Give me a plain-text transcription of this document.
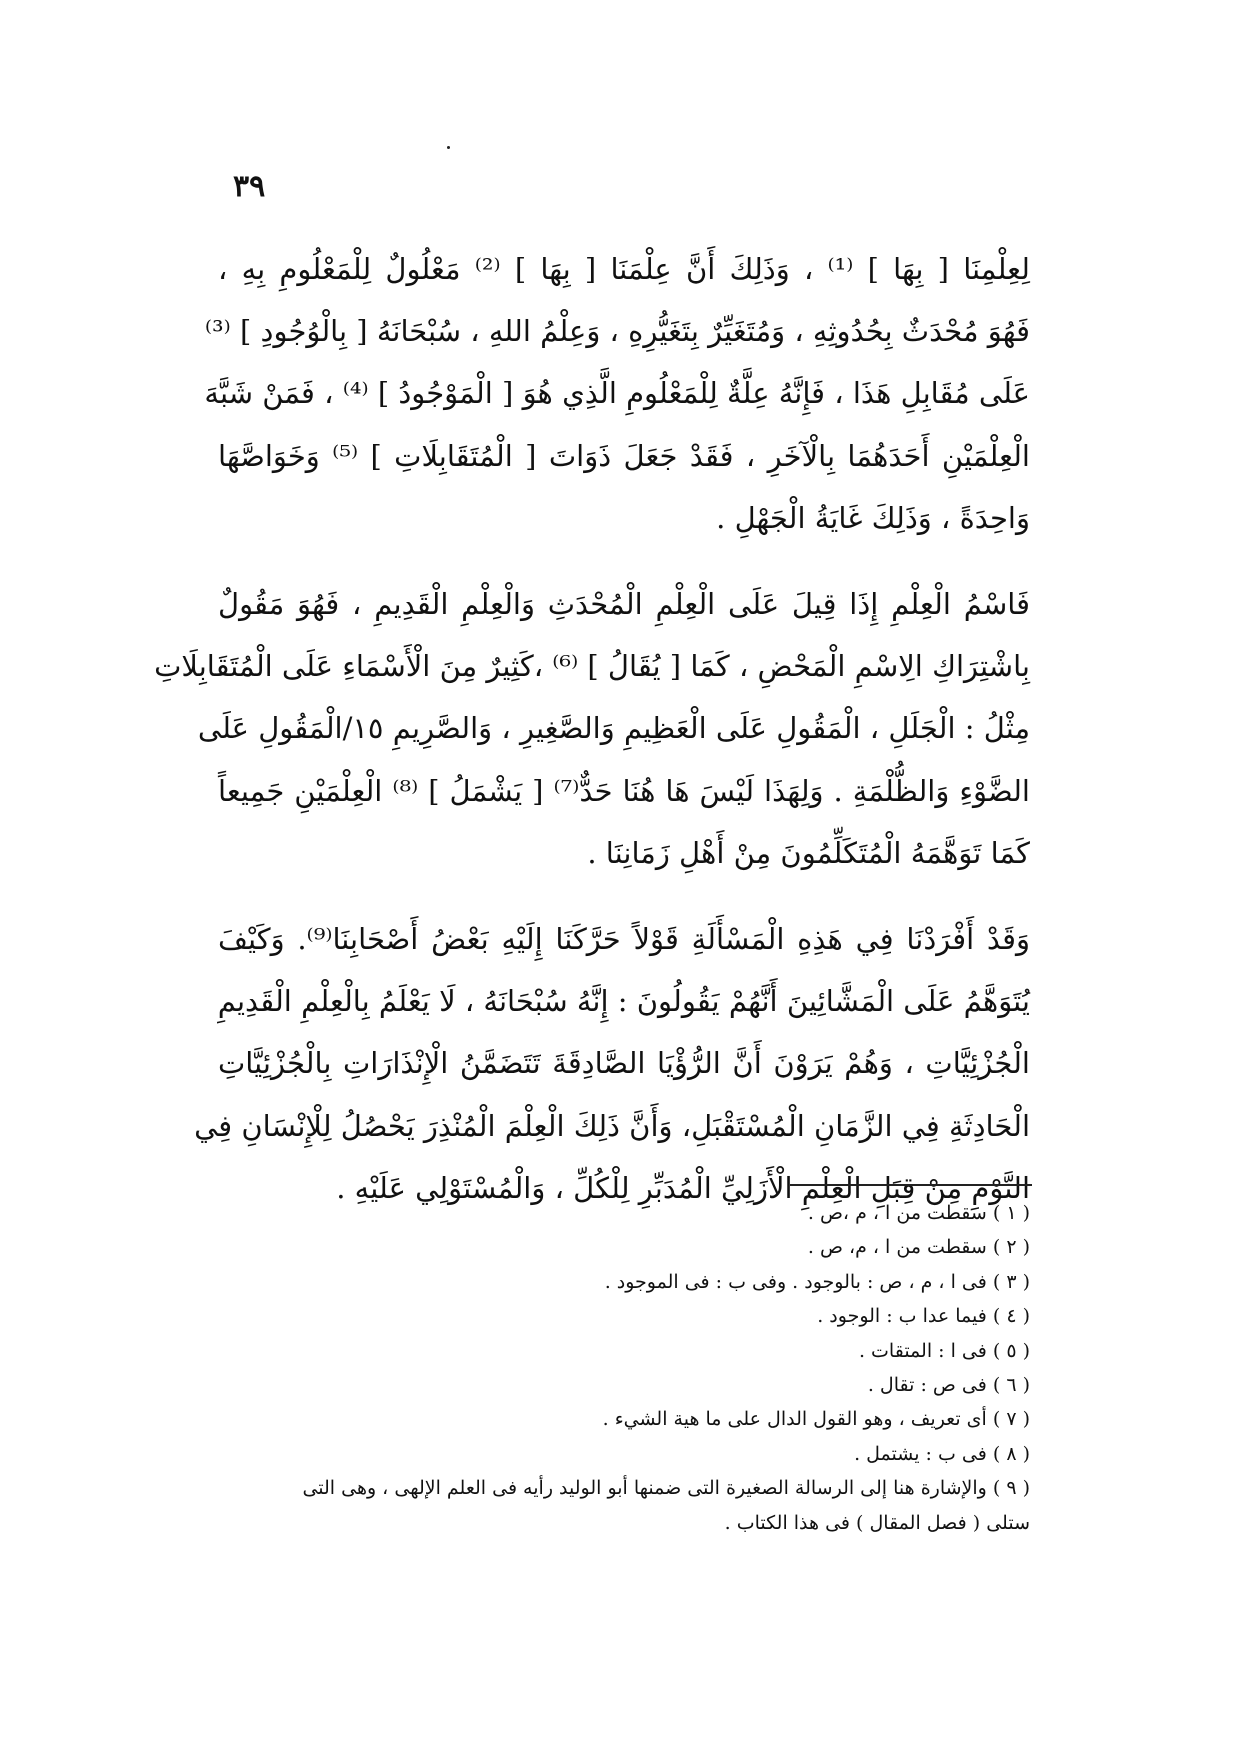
٣٩
لِعِلْمِنَا [ بِهَا ] ⁽¹⁾ ، وَذَلِكَ أَنَّ عِلْمَنَا [ بِهَا ] ⁽²⁾ مَعْلُولٌ لِلْمَعْلُومِ بِهِ ،
فَهُوَ مُحْدَثٌ بِحُدُوثِهِ ، وَمُتَغَيِّرٌ بِتَغَيُّرِهِ ، وَعِلْمُ اللهِ ، سُبْحَانَهُ [ بِالْوُجُودِ ] ⁽³⁾
عَلَى مُقَابِلِ هَذَا ، فَإِنَّهُ عِلَّةٌ لِلْمَعْلُومِ الَّذِي هُوَ [ الْمَوْجُودُ ] ⁽⁴⁾ ، فَمَنْ شَبَّهَ
الْعِلْمَيْنِ أَحَدَهُمَا بِالْآخَرِ ، فَقَدْ جَعَلَ ذَوَاتَ [ الْمُتَقَابِلَاتِ ] ⁽⁵⁾ وَخَوَاصَّهَا
وَاحِدَةً ، وَذَلِكَ غَايَةُ الْجَهْلِ .
فَاسْمُ الْعِلْمِ إِذَا قِيلَ عَلَى الْعِلْمِ الْمُحْدَثِ وَالْعِلْمِ الْقَدِيمِ ، فَهُوَ مَقُولٌ
بِاشْتِرَاكِ الِاسْمِ الْمَحْضِ ، كَمَا [ يُقَالُ ] ⁽⁶⁾ ،كَثِيرٌ مِنَ الْأَسْمَاءِ عَلَى الْمُتَقَابِلَاتِ
مِثْلُ : الْجَلَلِ ، الْمَقُولِ عَلَى الْعَظِيمِ وَالصَّغِيرِ ، وَالصَّرِيمِ ١٥/الْمَقُولِ عَلَى
الضَّوْءِ وَالظُّلْمَةِ . وَلِهَذَا لَيْسَ هَا هُنَا حَدٌّ⁽⁷⁾ [ يَشْمَلُ ] ⁽⁸⁾ الْعِلْمَيْنِ جَمِيعاً
كَمَا تَوَهَّمَهُ الْمُتَكَلِّمُونَ مِنْ أَهْلِ زَمَانِنَا .
وَقَدْ أَفْرَدْنَا فِي هَذِهِ الْمَسْأَلَةِ قَوْلاً حَرَّكَنَا إِلَيْهِ بَعْضُ أَصْحَابِنَا⁽⁹⁾. وَكَيْفَ
يُتَوَهَّمُ عَلَى الْمَشَّائِينَ أَنَّهُمْ يَقُولُونَ : إِنَّهُ سُبْحَانَهُ ، لَا يَعْلَمُ بِالْعِلْمِ الْقَدِيمِ
الْجُزْئِيَّاتِ ، وَهُمْ يَرَوْنَ أَنَّ الرُّؤْيَا الصَّادِقَةَ تَتَضَمَّنُ الْإِنْذَارَاتِ بِالْجُزْئِيَّاتِ
الْحَادِثَةِ فِي الزَّمَانِ الْمُسْتَقْبَلِ، وَأَنَّ ذَلِكَ الْعِلْمَ الْمُنْذِرَ يَحْصُلُ لِلْإِنْسَانِ فِي
النَّوْمِ مِنْ قِبَلِ الْعِلْمِ الْأَزَلِيِّ الْمُدَبِّرِ لِلْكُلِّ ، وَالْمُسْتَوْلِي عَلَيْهِ .

( ١ ) سقطت من ا ، م ،ص .

( ٢ ) سقطت من ا ، م، ص .

( ٣ ) فى ا ، م ، ص : بالوجود . وفى ب : فى الموجود .

( ٤ ) فيما عدا ب : الوجود .

( ٥ ) فى ا : المتقات .

( ٦ ) فى ص : تقال .

( ٧ ) أى تعريف ، وهو القول الدال على ما هية الشيء .

( ٨ ) فى ب : يشتمل .

( ٩ ) والإشارة هنا إلى الرسالة الصغيرة التى ضمنها أبو الوليد رأيه فى العلم الإلهى ، وهى التى

ستلى ( فصل المقال ) فى هذا الكتاب .
